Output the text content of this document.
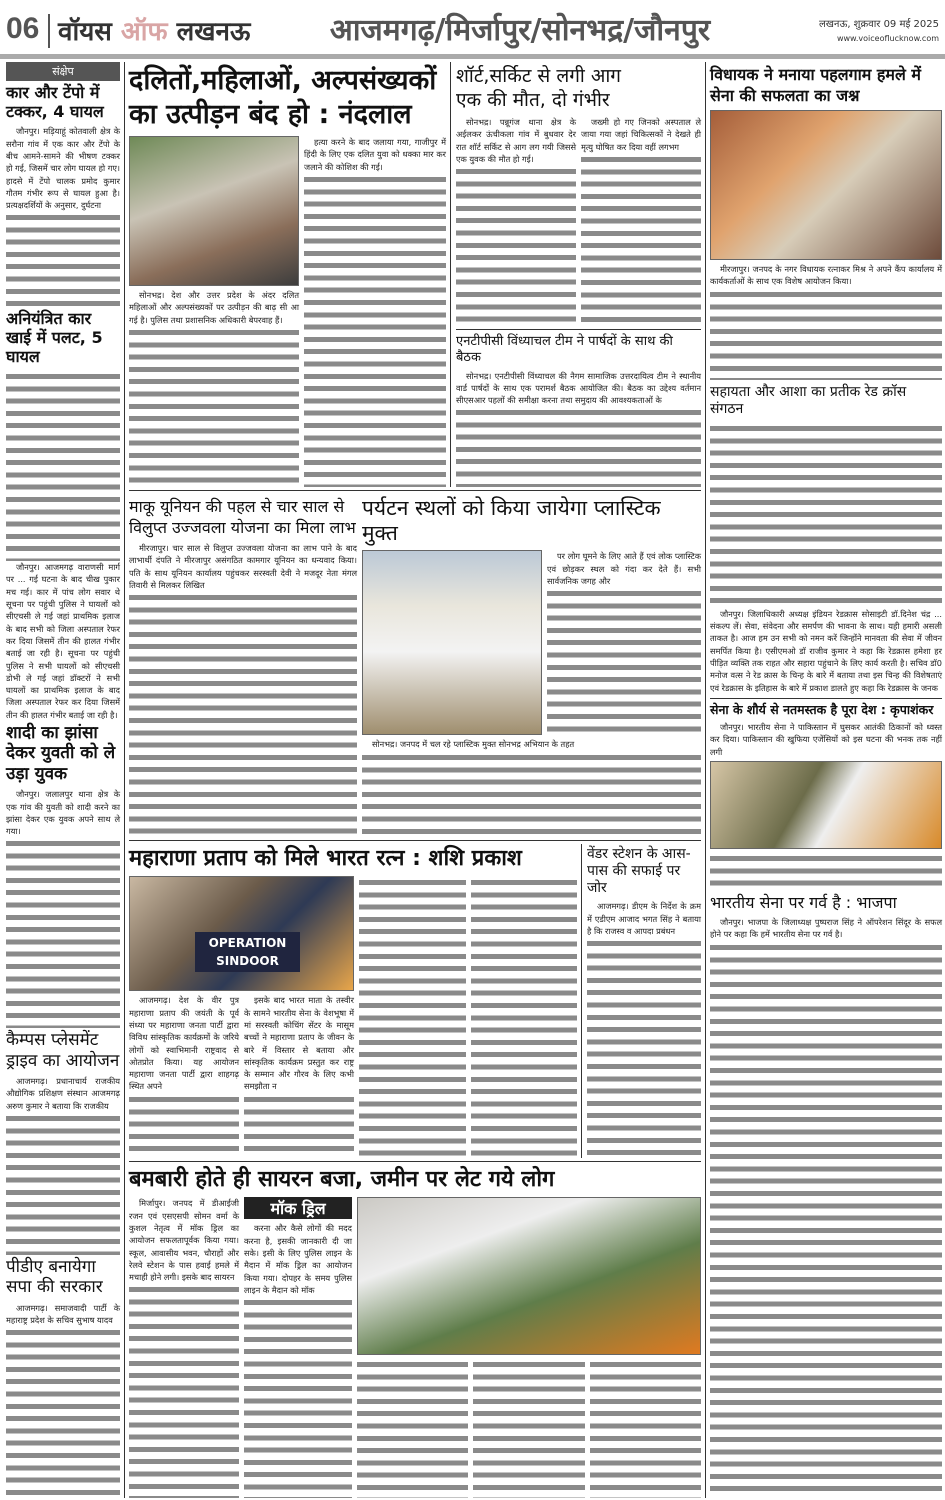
06 वॉयस ऑफ लखनऊ	आजमगढ़/मिर्जापुर/सोनभद्र/जौनपुर	लखनऊ, शुक्रवार 09 मई 2025
www.voiceoflucknow.com
संक्षेप
कार और टेंपो में टक्कर, 4 घायल
जौनपुर। मड़ियाहूं कोतवाली क्षेत्र के सरौना गांव में एक कार और टेंपो के बीच आमने-सामने की भीषण टक्कर हो गई, जिसमें चार लोग घायल हो गए। हादसे में टेंपो चालक प्रमोद कुमार गौतम गंभीर रूप से घायल हुआ है। प्रत्यक्षदर्शियों के अनुसार, दुर्घटना
अनियंत्रित कार खाई में पलट, 5 घायल
जौनपुर। आजमगढ़ वाराणसी मार्ग पर ... गई घटना के बाद चीख पुकार मच गई। कार में पांच लोग सवार थे सूचना पर पहुंची पुलिस ने घायलों को सीएचसी ले गई जहां प्राथमिक इलाज के बाद सभी को जिला अस्पताल रेफर कर दिया जिसमें तीन की हालत गंभीर बताई जा रही है। सूचना पर पहुंची पुलिस ने सभी घायलों को सीएचसी डोभी ले गई जहां डॉक्टरों ने सभी घायलों का प्राथमिक इलाज के बाद जिला अस्पताल रेफर कर दिया जिसमें तीन की हालत गंभीर बताई जा रही है।
शादी का झांसा देकर युवती को ले उड़ा युवक
जौनपुर। जलालपुर थाना क्षेत्र के एक गांव की युवती को शादी करने का झांसा देकर एक युवक अपने साथ ले गया।
कैम्पस प्लेसमेंट ड्राइव का आयोजन
आजमगढ़। प्रधानाचार्य राजकीय औद्योगिक प्रशिक्षण संस्थान आजमगढ़ अरुण कुमार ने बताया कि राजकीय
पीडीए बनायेगा सपा की सरकार
आजमगढ़। समाजवादी पार्टी के महाराष्ट्र प्रदेश के सचिव सुभाष यादव
दलितों,महिलाओं, अल्पसंख्यकों
का उत्पीड़न बंद हो : नंदलाल
सोनभद्र। देश और उत्तर प्रदेश के अंदर दलित महिलाओं और अल्पसंख्यकों पर उत्पीड़न की बाढ़ सी आ गई है। पुलिस तथा प्रशासनिक अधिकारी बेपरवाह हैं।
हत्या करने के बाद जलाया गया, गाजीपुर में हिंदी के लिए एक दलित युवा को धक्का मार कर जलाने की कोशिश की गई।
शॉर्ट,सर्किट से लगी आग
एक की मौत, दो गंभीर
सोनभद्र। पन्नूगंज थाना क्षेत्र के अईलकर ऊंचीकला गांव में बुधवार देर रात शॉर्ट सर्किट से आग लग गयी जिससे एक युवक की मौत हो गई।
जख्मी हो गए जिनको अस्पताल ले जाया गया जहां चिकित्सकों ने देखते ही मृत्यु घोषित कर दिया वहीं लगभग
एनटीपीसी विंध्याचल टीम ने पार्षदों के साथ की बैठक
सोनभद्र। एनटीपीसी विंध्याचल की नैगम सामाजिक उत्तरदायित्व टीम ने स्थानीय वार्ड पार्षदों के साथ एक परामर्श बैठक आयोजित की। बैठक का उद्देश्य वर्तमान सीएसआर पहलों की समीक्षा करना तथा समुदाय की आवश्यकताओं के
माकू यूनियन की पहल से चार साल से विलुप्त उज्जवला योजना का मिला लाभ
मीरजापुर। चार साल से विलुप्त उज्जवला योजना का लाभ पाने के बाद लाभार्थी दंपति ने मीरजापुर असंगठित कामगार यूनियन का धन्यवाद किया। पति के साथ यूनियन कार्यालय पहुंचकर सरस्वती देवी ने मजदूर नेता मंगल तिवारी से मिलकर लिखित
पर्यटन स्थलों को किया जायेगा प्लास्टिक मुक्त
पर लोग घूमने के लिए आते हैं एवं लोक प्लास्टिक एवं छोड़कर स्थल को गंदा कर देते हैं। सभी सार्वजनिक जगह और
सोनभद्र। जनपद में चल रहे प्लास्टिक मुक्त सोनभद्र अभियान के तहत
महाराणा प्रताप को मिले भारत रत्न : शशि प्रकाश
OPERATION
SINDOOR
आजमगढ़। देश के वीर पुत्र महाराणा प्रताप की जयंती के पूर्व संध्या पर महाराणा जनता पार्टी द्वारा विविध सांस्कृतिक कार्यक्रमों के जरिये लोगों को स्वाभिमानी राष्ट्रवाद से ओतप्रोत किया। यह आयोजन महाराणा जनता पार्टी द्वारा शाहगढ़ स्थित अपने
इसके बाद भारत माता के तस्वीर के सामने भारतीय सेना के वेशभूषा में मां सरस्वती कोचिंग सेंटर के मासूम बच्चों ने महाराणा प्रताप के जीवन के बारे में विस्तार से बताया और सांस्कृतिक कार्यक्रम प्रस्तुत कर राष्ट्र के सम्मान और गौरव के लिए कभी समझौता न
वेंडर स्टेशन के आस-पास की सफाई पर जोर
आजमगढ़। डीएम के निर्देश के क्रम में एडीएम आजाद भगत सिंह ने बताया है कि राजस्व व आपदा प्रबंधन
बमबारी होते ही सायरन बजा, जमीन पर लेट गये लोग
मिर्जापुर। जनपद में डीआईजी रजन एवं एसएसपी सोमन वर्मा के कुशल नेतृत्व में मॉक ड्रिल का आयोजन सफलतापूर्वक किया गया। स्कूल, आवासीय भवन, चौराहों और रेलवे स्टेशन के पास हवाई हमले में मचाही होने लगी। इसके बाद सायरन
मॉक ड्रिल
करना और कैसे लोगों की मदद करना है, इसकी जानकारी दी जा सके। इसी के लिए पुलिस लाइन के मैदान में मॉक ड्रिल का आयोजन किया गया। दोपहर के समय पुलिस लाइन के मैदान को मॉक
विधायक ने मनाया पहलगाम हमले में सेना की सफलता का जश्न
मीरजापुर। जनपद के नगर विधायक रत्नाकर मिश्र ने अपने कैंप कार्यालय में कार्यकर्ताओं के साथ एक विशेष आयोजन किया।
सहायता और आशा का प्रतीक रेड क्रॉस संगठन
जौनपुर। जिलाधिकारी अध्यक्ष इंडियन रेडक्रास सोसाइटी डॉ.दिनेश चंद्र ... संकल्प लें। सेवा, संवेदना और समर्पण की भावना के साथ। यही हमारी असली ताकत है। आज हम उन सभी को नमन करें जिन्होंने मानवता की सेवा में जीवन समर्पित किया है। एसीएमओ डॉ राजीव कुमार ने कहा कि रेडक्रास हमेशा हर पीड़ित व्यक्ति तक राहत और सहारा पहुंचाने के लिए कार्य करती है। सचिव डॉ0 मनोज वत्स ने रेड क्रास के चिन्ह के बारे में बताया तथा इस चिन्ह की विशेषताएं एवं रेडक्रास के इतिहास के बारे में प्रकाश डालते हुए कहा कि रेडक्रास के जनक
सेना के शौर्य से नतमस्तक है पूरा देश : कृपाशंकर
जौनपुर। भारतीय सेना ने पाकिस्तान में घुसकर आतंकी ठिकानों को ध्वस्त कर दिया। पाकिस्तान की खुफिया एजेंसियों को इस घटना की भनक तक नहीं लगी
भारतीय सेना पर गर्व है : भाजपा
जौनपुर। भाजपा के जिलाध्यक्ष पुष्पराज सिंह ने ऑपरेशन सिंदूर के सफल होने पर कहा कि हमें भारतीय सेना पर गर्व है।
